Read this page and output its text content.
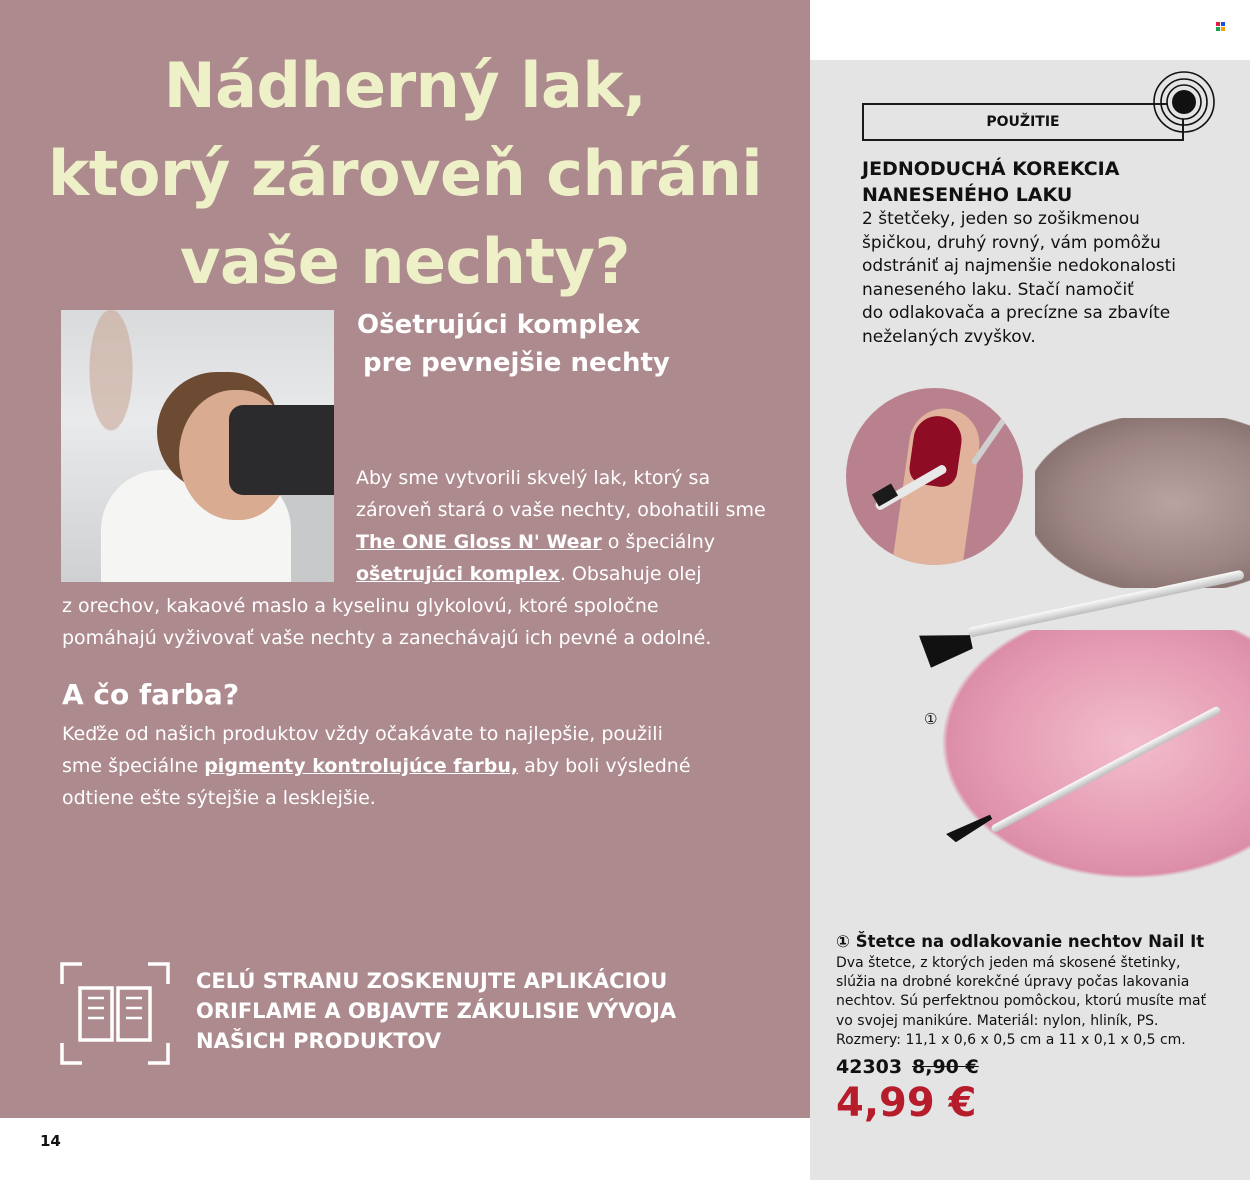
Nádherný lak,
ktorý zároveň chráni
vaše nechty?
Ošetrujúci komplex
pre pevnejšie nechty
Aby sme vytvorili skvelý lak, ktorý sa
zároveň stará o vaše nechty, obohatili sme
The ONE Gloss N' Wear o špeciálny
ošetrujúci komplex. Obsahuje olej
z orechov, kakaové maslo a kyselinu glykolovú, ktoré spoločne
pomáhajú vyživovať vaše nechty a zanechávajú ich pevné a odolné.
A čo farba?
Keďže od našich produktov vždy očakávate to najlepšie, použili
sme špeciálne pigmenty kontrolujúce farbu, aby boli výsledné
odtiene ešte sýtejšie a lesklejšie.
CELÚ STRANU ZOSKENUJTE APLIKÁCIOU
ORIFLAME A OBJAVTE ZÁKULISIE VÝVOJA
NAŠICH PRODUKTOV
14
POUŽITIE
JEDNODUCHÁ KOREKCIA
NANESENÉHO LAKU
2 štetčeky, jeden so zošikmenou
špičkou, druhý rovný, vám pomôžu
odstrániť aj najmenšie nedokonalosti
naneseného laku. Stačí namočiť
do odlakovača a precízne sa zbavíte
neželaných zvyškov.
①
① Štetce na odlakovanie nechtov Nail It
Dva štetce, z ktorých jeden má skosené štetinky,
slúžia na drobné korekčné úpravy počas lakovania
nechtov. Sú perfektnou pomôckou, ktorú musíte mať
vo svojej manikúre. Materiál: nylon, hliník, PS.
Rozmery: 11,1 x 0,6 x 0,5 cm a 11 x 0,1 x 0,5 cm.
42303 8,90 €
4,99 €
